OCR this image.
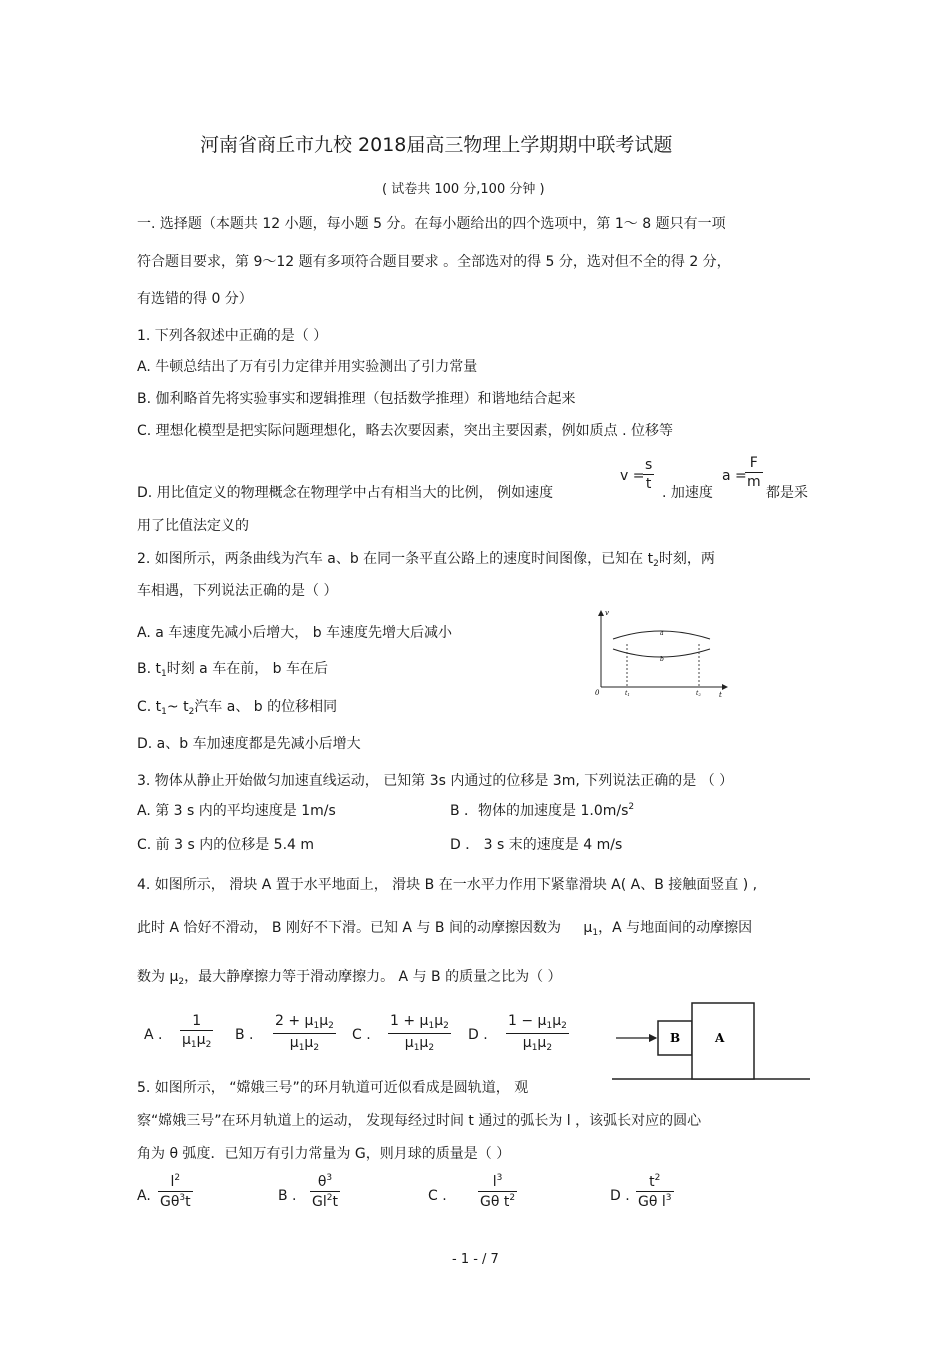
河南省商丘市九校 2018届高三物理上学期期中联考试题
( 试卷共 100 分,100 分钟 )
一. 选择题（本题共 12 小题，每小题 5 分。在每小题给出的四个选项中，第 1～ 8 题只有一项
符合题目要求，第 9～12 题有多项符合题目要求 。全部选对的得 5 分，选对但不全的得 2 分，
有选错的得 0 分）
1. 下列各叙述中正确的是（ ）
A. 牛顿总结出了万有引力定律并用实验测出了引力常量
B. 伽利略首先将实验事实和逻辑推理（包括数学推理）和谐地结合起来
C. 理想化模型是把实际问题理想化，略去次要因素，突出主要因素，例如质点 . 位移等
D. 用比值定义的物理概念在物理学中占有相当大的比例， 例如速度
v =
$\frac{s}{t}$
. 加速度
a =
$\frac{F}{m}$
都是采
用了比值法定义的
2. 如图所示，两条曲线为汽车 a、b 在同一条平直公路上的速度时间图像，已知在 $t_2$时刻，两
车相遇，下列说法正确的是（ ）
A. a 车速度先减小后增大， b 车速度先增大后减小
B. $t_1$时刻 a 车在前， b 车在后
C. $t_1\sim$ $t_2$汽车 a、 b 的位移相同
D. a、b 车加速度都是先减小后增大
v
t
0	t1	t2
a
b
3. 物体从静止开始做匀加速直线运动， 已知第 3s 内通过的位移是 3m, 下列说法正确的是 （ ）
A. 第 3 s 内的平均速度是 1m/s	B ．物体的加速度是 $1.0m/s^2$
C. 前 3 s 内的位移是 5.4 m	D ． 3 s 末的速度是 4 m/s
4. 如图所示， 滑块 A 置于水平地面上， 滑块 B 在一水平力作用下紧靠滑块 A( A、B 接触面竖直 ) ,
此时 A 恰好不滑动， B 刚好不下滑。已知 A 与 B 间的动摩擦因数为 $\mu_1$，A 与地面间的动摩擦因
数为 $\mu_2$，最大静摩擦力等于滑动摩擦力。 A 与 B 的质量之比为（ ）
A . $\frac{1}{\mu_1\mu_2}$ B . $\frac{2 + \mu_1\mu_2}{\mu_1\mu_2}$ C . $\frac{1 + \mu_1\mu_2}{\mu_1\mu_2}$ D . $\frac{1 - \mu_1\mu_2}{\mu_1\mu_2}$	B	A
5. 如图所示， “嫦娥三号”的环月轨道可近似看成是圆轨道， 观
察“嫦娥三号”在环月轨道上的运动， 发现每经过时间 t 通过的弧长为 l ，该弧长对应的圆心
角为 θ 弧度．已知万有引力常量为 G，则月球的质量是（ ）
A. $\frac{l^2}{G\theta^3t}$	B . $\frac{\theta^3}{Gl^2t}$	C . $\frac{l^3}{G\theta t^2}$	D . $\frac{t^2}{G\theta l^3}$
- 1 - / 7
